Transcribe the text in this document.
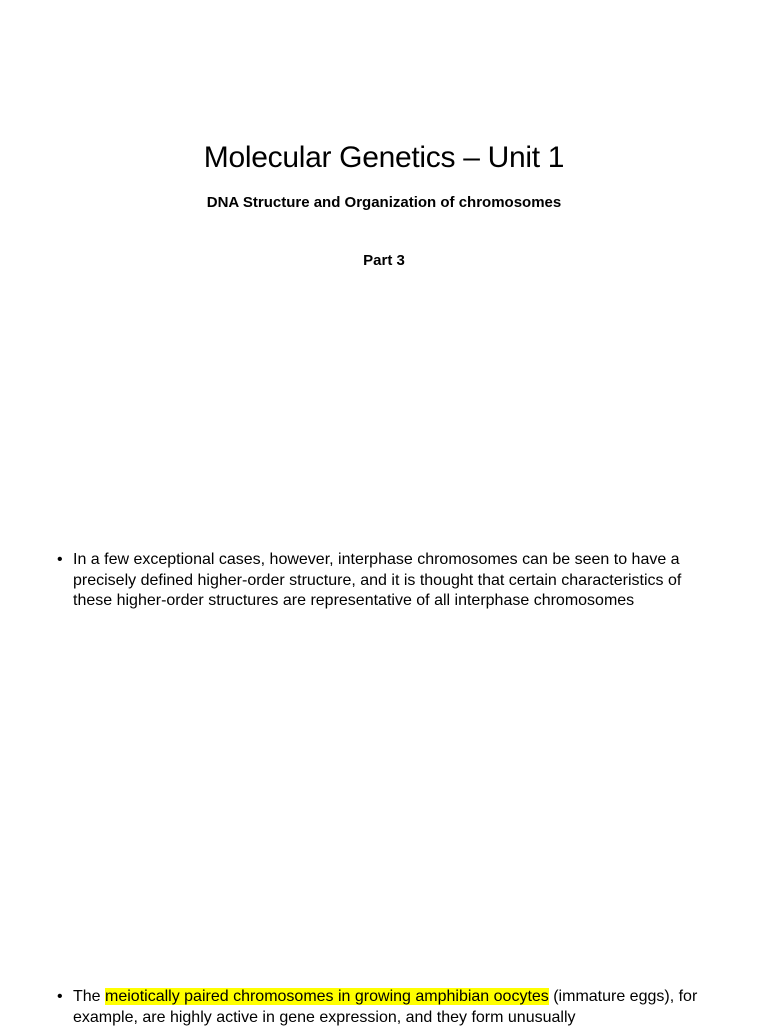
Molecular Genetics – Unit 1

DNA Structure and Organization of chromosomes

Part 3

• In a few exceptional cases, however, interphase chromosomes can be seen to have a precisely defined higher-order structure, and it is thought that certain characteristics of these higher-order structures are representative of all interphase chromosomes
• The meiotically paired chromosomes in growing amphibian oocytes (immature eggs), for example, are highly active in gene expression, and they form unusually
